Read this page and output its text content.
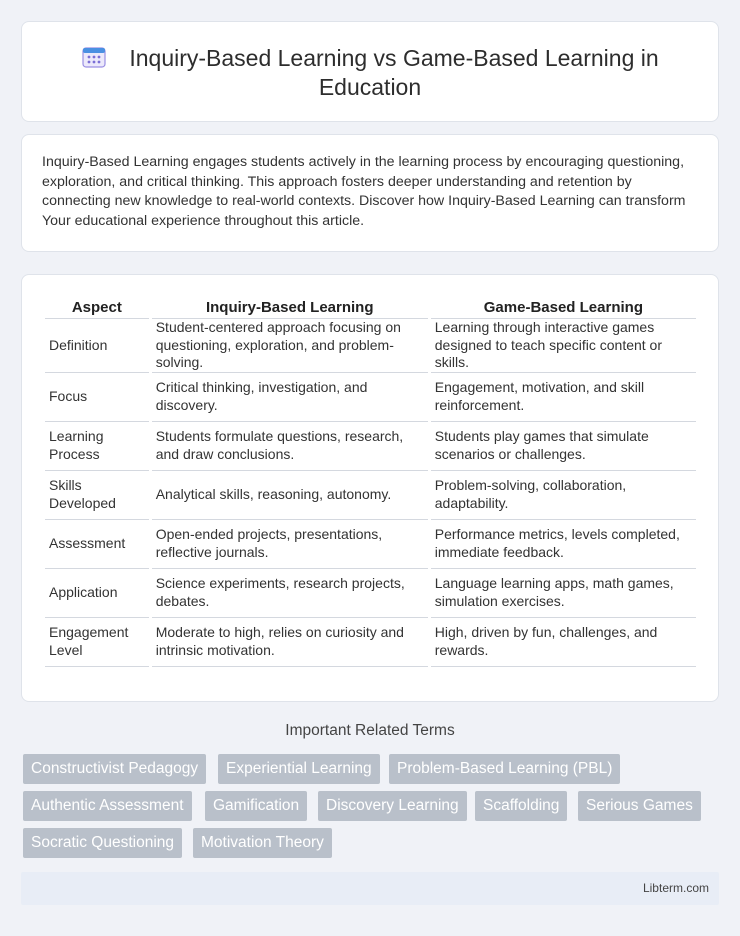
Inquiry-Based Learning vs Game-Based Learning in Education

Inquiry-Based Learning engages students actively in the learning process by encouraging questioning, exploration, and critical thinking. This approach fosters deeper understanding and retention by connecting new knowledge to real-world contexts. Discover how Inquiry-Based Learning can transform Your educational experience throughout this article.

Aspect	Inquiry-Based Learning	Game-Based Learning
Definition	Student-centered approach focusing on questioning, exploration, and problem-solving.	Learning through interactive games designed to teach specific content or skills.
Focus	Critical thinking, investigation, and discovery.	Engagement, motivation, and skill reinforcement.
Learning Process	Students formulate questions, research, and draw conclusions.	Students play games that simulate scenarios or challenges.
Skills Developed	Analytical skills, reasoning, autonomy.	Problem-solving, collaboration, adaptability.
Assessment	Open-ended projects, presentations, reflective journals.	Performance metrics, levels completed, immediate feedback.
Application	Science experiments, research projects, debates.	Language learning apps, math games, simulation exercises.
Engagement Level	Moderate to high, relies on curiosity and intrinsic motivation.	High, driven by fun, challenges, and rewards.
Important Related Terms
Constructivist Pedagogy	Experiential Learning	Problem-Based Learning (PBL)
Authentic Assessment	Gamification	Discovery Learning	Scaffolding	Serious Games
Socratic Questioning	Motivation Theory
Libterm.com
